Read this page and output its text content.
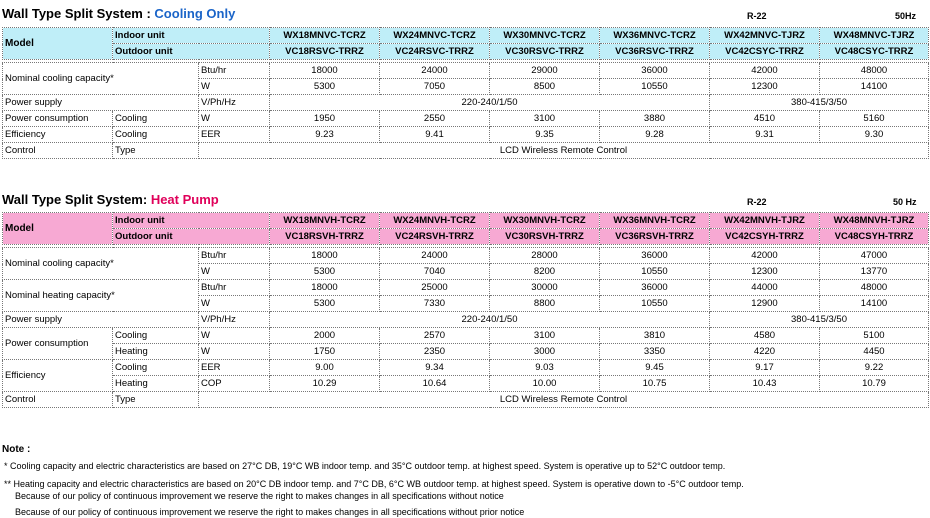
Wall Type Split System : Cooling Only	R-22	50Hz
Model	Indoor unit		WX18MNVC-TCRZ	WX24MNVC-TCRZ	WX30MNVC-TCRZ	WX36MNVC-TCRZ	WX42MNVC-TJRZ	WX48MNVC-TJRZ
	Outdoor unit		VC18RSVC-TRRZ	VC24RSVC-TRRZ	VC30RSVC-TRRZ	VC36RSVC-TRRZ	VC42CSYC-TRRZ	VC48CSYC-TRRZ

Nominal cooling capacity*		Btu/hr	18000	24000	29000	36000	42000	48000
		W	5300	7050	8500	10550	12300	14100
Power supply		V/Ph/Hz	220-240/1/50				380-415/3/50	
Power consumption	Cooling	W	1950	2550	3100	3880	4510	5160
Efficiency	Cooling	EER	9.23	9.41	9.35	9.28	9.31	9.30
Control	Type	LCD Wireless Remote Control						
Wall Type Split System: Heat Pump	R-22	50 Hz
Model	Indoor unit		WX18MNVH-TCRZ	WX24MNVH-TCRZ	WX30MNVH-TCRZ	WX36MNVH-TCRZ	WX42MNVH-TJRZ	WX48MNVH-TJRZ
	Outdoor unit		VC18RSVH-TRRZ	VC24RSVH-TRRZ	VC30RSVH-TRRZ	VC36RSVH-TRRZ	VC42CSYH-TRRZ	VC48CSYH-TRRZ

Nominal cooling capacity*		Btu/hr	18000	24000	28000	36000	42000	47000
		W	5300	7040	8200	10550	12300	13770
Nominal heating capacity*		Btu/hr	18000	25000	30000	36000	44000	48000
		W	5300	7330	8800	10550	12900	14100
Power supply		V/Ph/Hz	220-240/1/50				380-415/3/50	
Power consumption	Cooling	W	2000	2570	3100	3810	4580	5100
	Heating	W	1750	2350	3000	3350	4220	4450
Efficiency	Cooling	EER	9.00	9.34	9.03	9.45	9.17	9.22
	Heating	COP	10.29	10.64	10.00	10.75	10.43	10.79
Control	Type	LCD Wireless Remote Control						
Note :
* Cooling capacity and electric characteristics are based on 27°C DB, 19°C WB indoor temp. and 35°C outdoor temp. at highest speed. System is operative up to 52°C outdoor temp.
** Heating capacity and electric characteristics are based on 20°C DB indoor temp. and 7°C DB, 6°C WB outdoor temp. at highest speed. System is operative down to -5°C outdoor temp.
Because of our policy of continuous improvement we reserve the right to makes changes in all specifications without notice
Because of our policy of continuous improvement we reserve the right to makes changes in all specifications without prior notice
